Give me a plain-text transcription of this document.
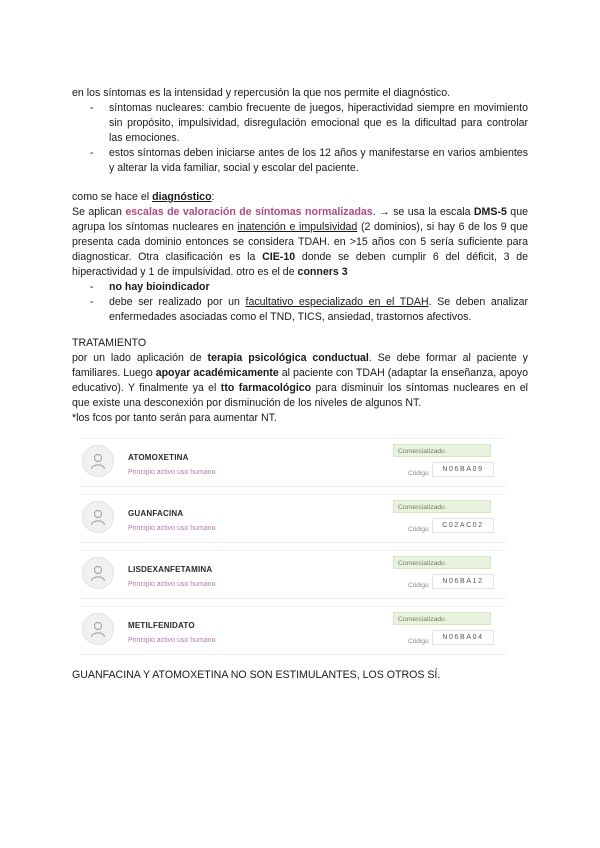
en los síntomas es la intensidad y repercusión la que nos permite el diagnóstico.

- síntomas nucleares: cambio frecuente de juegos, hiperactividad siempre en movimiento sin propósito, impulsividad, disregulación emocional que es la dificultad para controlar las emociones.
- estos síntomas deben iniciarse antes de los 12 años y manifestarse en varios ambientes y alterar la vida familiar, social y escolar del paciente.

como se hace el diagnóstico:

Se aplican escalas de valoración de síntomas normalizadas. → se usa la escala DMS-5 que agrupa los síntomas nucleares en inatención e impulsividad (2 dominios), si hay 6 de los 9 que presenta cada dominio entonces se considera TDAH. en >15 años con 5 sería suficiente para diagnosticar. Otra clasificación es la CIE-10 donde se deben cumplir 6 del déficit, 3 de hiperactividad y 1 de impulsividad. otro es el de conners 3

- no hay bioindicador
- debe ser realizado por un facultativo especializado en el TDAH. Se deben analizar enfermedades asociadas como el TND, TICS, ansiedad, trastornos afectivos.

TRATAMIENTO

por un lado aplicación de terapia psicológica conductual. Se debe formar al paciente y familiares. Luego apoyar académicamente al paciente con TDAH (adaptar la enseñanza, apoyo educativo). Y finalmente ya el tto farmacológico para disminuir los síntomas nucleares en el que existe una desconexión por disminución de los niveles de algunos NT.

*los fcos por tanto serán para aumentar NT.

ATOMOXETINA
Principio activo uso humano
Comercializado
Código
N06BA09
GUANFACINA
Principio activo uso humano
Comercializado
Código
C02AC02
LISDEXANFETAMINA
Principio activo uso humano
Comercializado
Código
N06BA12
METILFENIDATO
Principio activo uso humano
Comercializado
Código
N06BA04

GUANFACINA Y ATOMOXETINA NO SON ESTIMULANTES, LOS OTROS SÍ.
